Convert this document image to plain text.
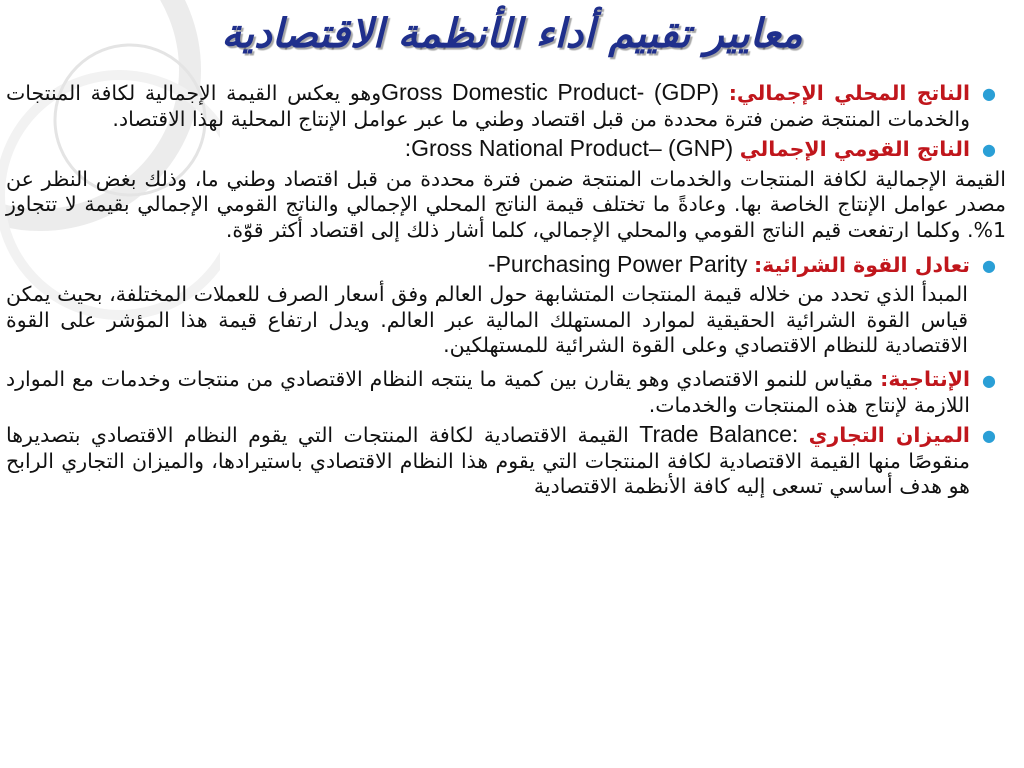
معايير تقييم أداء الأنظمة الاقتصادية
●
الناتج المحلي الإجمالي: Gross Domestic Product- (GDP)وهو يعكس القيمة الإجمالية لكافة المنتجات والخدمات المنتجة ضمن فترة محددة من قبل اقتصاد وطني ما عبر عوامل الإنتاج المحلية لهذا الاقتصاد.
●
الناتج القومي الإجمالي Gross National Product– (GNP):
القيمة الإجمالية لكافة المنتجات والخدمات المنتجة ضمن فترة محددة من قبل اقتصاد وطني ما، وذلك بغض النظر عن مصدر عوامل الإنتاج الخاصة بها. وعادةً ما تختلف قيمة الناتج المحلي الإجمالي والناتج القومي الإجمالي بقيمة لا تتجاوز 1%. وكلما ارتفعت قيم الناتج القومي والمحلي الإجمالي، كلما أشار ذلك إلى اقتصاد أكثر قوّة.
●
تعادل القوة الشرائية: Purchasing Power Parity-
المبدأ الذي تحدد من خلاله قيمة المنتجات المتشابهة حول العالم وفق أسعار الصرف للعملات المختلفة، بحيث يمكن قياس القوة الشرائية الحقيقية لموارد المستهلك المالية عبر العالم. ويدل ارتفاع قيمة هذا المؤشر على القوة الاقتصادية للنظام الاقتصادي وعلى القوة الشرائية للمستهلكين.
●
الإنتاجية: مقياس للنمو الاقتصادي وهو يقارن بين كمية ما ينتجه النظام الاقتصادي من منتجات وخدمات مع الموارد اللازمة لإنتاج هذه المنتجات والخدمات.
●
الميزان التجاري :Trade Balance القيمة الاقتصادية لكافة المنتجات التي يقوم النظام الاقتصادي بتصديرها منقوصًا منها القيمة الاقتصادية لكافة المنتجات التي يقوم هذا النظام الاقتصادي باستيرادها، والميزان التجاري الرابح هو هدف أساسي تسعى إليه كافة الأنظمة الاقتصادية
